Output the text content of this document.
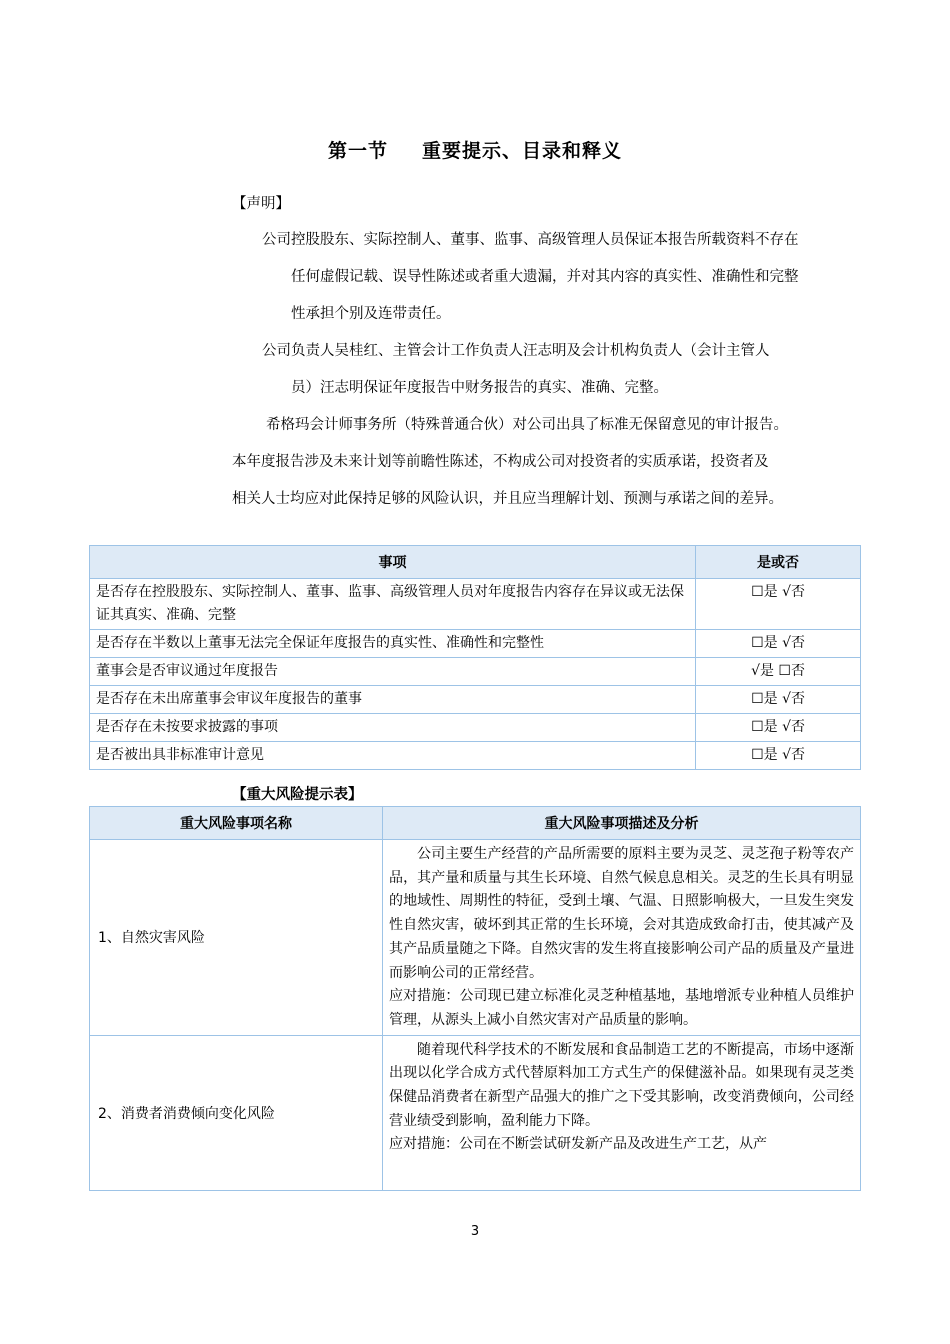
第一节 重要提示、目录和释义
【声明】
公司控股股东、实际控制人、董事、监事、高级管理人员保证本报告所载资料不存在
任何虚假记载、误导性陈述或者重大遗漏，并对其内容的真实性、准确性和完整
性承担个别及连带责任。
公司负责人吴桂红、主管会计工作负责人汪志明及会计机构负责人（会计主管人
员）汪志明保证年度报告中财务报告的真实、准确、完整。
希格玛会计师事务所（特殊普通合伙）对公司出具了标准无保留意见的审计报告。
本年度报告涉及未来计划等前瞻性陈述，不构成公司对投资者的实质承诺，投资者及
相关人士均应对此保持足够的风险认识，并且应当理解计划、预测与承诺之间的差异。
事项	是或否
是否存在控股股东、实际控制人、董事、监事、高级管理人员对年度报告内容存在异议或无法保证其真实、准确、完整	☐是 √否
是否存在半数以上董事无法完全保证年度报告的真实性、准确性和完整性	☐是 √否
董事会是否审议通过年度报告	√是 ☐否
是否存在未出席董事会审议年度报告的董事	☐是 √否
是否存在未按要求披露的事项	☐是 √否
是否被出具非标准审计意见	☐是 √否
【重大风险提示表】
重大风险事项名称	重大风险事项描述及分析
1、自然灾害风险	公司主要生产经营的产品所需要的原料主要为灵芝、灵芝孢子粉等农产品，其产量和质量与其生长环境、自然气候息息相关。灵芝的生长具有明显的地域性、周期性的特征，受到土壤、气温、日照影响极大，一旦发生突发性自然灾害，破坏到其正常的生长环境，会对其造成致命打击，使其减产及其产品质量随之下降。自然灾害的发生将直接影响公司产品的质量及产量进而影响公司的正常经营。
应对措施：公司现已建立标准化灵芝种植基地，基地增派专业种植人员维护管理，从源头上减小自然灾害对产品质量的影响。
2、消费者消费倾向变化风险	随着现代科学技术的不断发展和食品制造工艺的不断提高，市场中逐渐出现以化学合成方式代替原料加工方式生产的保健滋补品。如果现有灵芝类保健品消费者在新型产品强大的推广之下受其影响，改变消费倾向，公司经营业绩受到影响，盈利能力下降。
应对措施：公司在不断尝试研发新产品及改进生产工艺，从产
3
